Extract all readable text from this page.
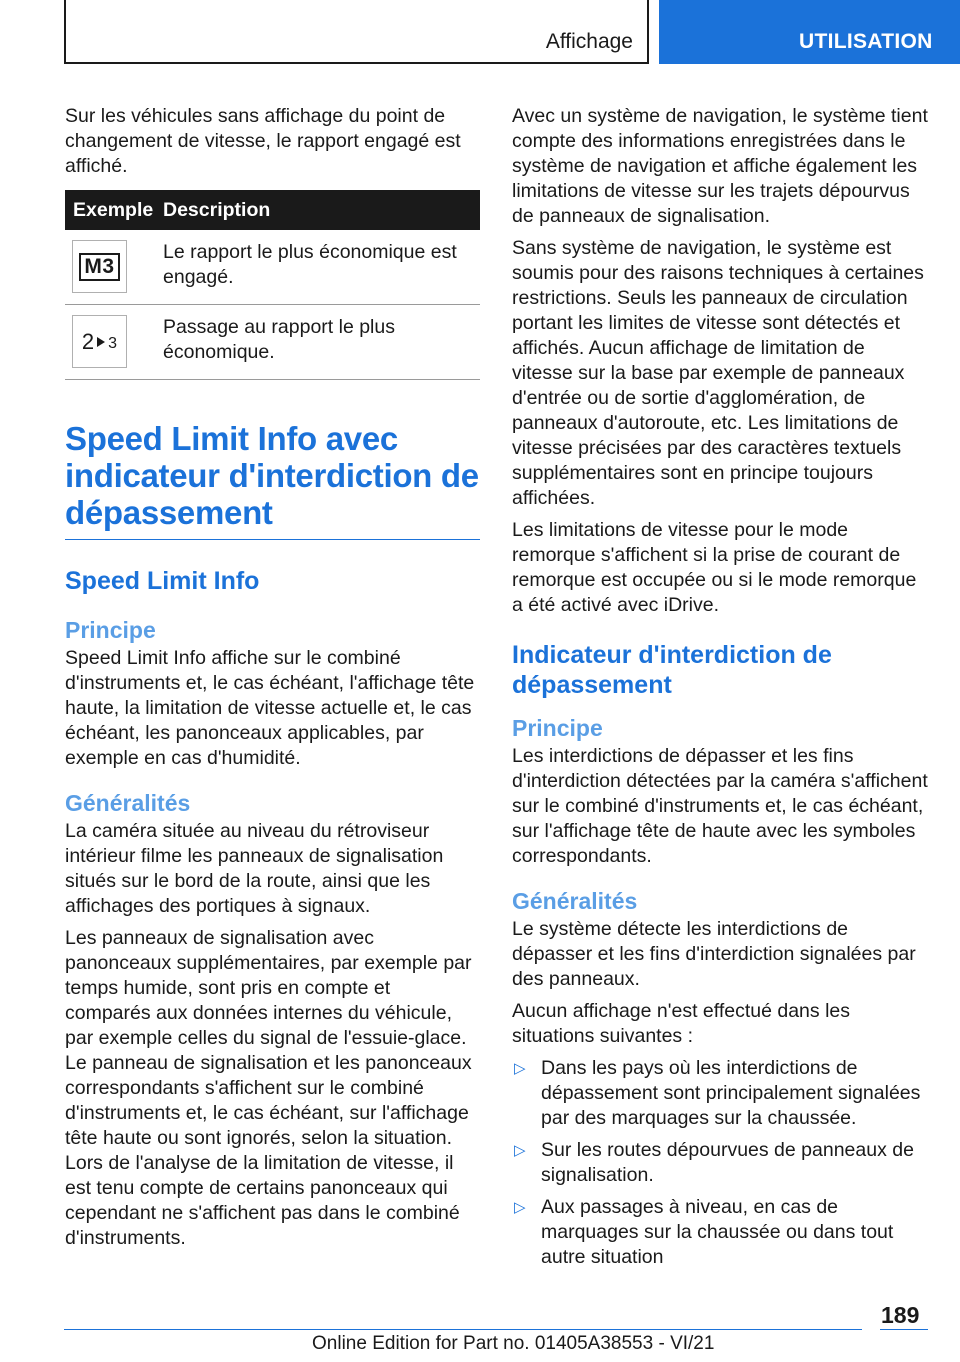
Affichage	UTILISATION

Sur les véhicules sans affichage du point de changement de vitesse, le rapport engagé est affiché.

Exemple Description
M3
Le rapport le plus économique est engagé.
2 3
Passage au rapport le plus économique.
Speed Limit Info avec indicateur d'interdiction de dépassement
Speed Limit Info
Principe

Speed Limit Info affiche sur le combiné d'instruments et, le cas échéant, l'affichage tête haute, la limitation de vitesse actuelle et, le cas échéant, les panonceaux applicables, par exemple en cas d'humidité.

Généralités

La caméra située au niveau du rétroviseur intérieur filme les panneaux de signalisation situés sur le bord de la route, ainsi que les affichages des portiques à signaux.

Les panneaux de signalisation avec panonceaux supplémentaires, par exemple par temps humide, sont pris en compte et comparés aux données internes du véhicule, par exemple celles du signal de l'essuie-glace. Le panneau de signalisation et les panonceaux correspondants s'affichent sur le combiné d'instruments et, le cas échéant, sur l'affichage tête haute ou sont ignorés, selon la situation. Lors de l'analyse de la limitation de vitesse, il est tenu compte de certains panonceaux qui cependant ne s'affichent pas dans le combiné d'instruments.

Avec un système de navigation, le système tient compte des informations enregistrées dans le système de navigation et affiche également les limitations de vitesse sur les trajets dépourvus de panneaux de signalisation.

Sans système de navigation, le système est soumis pour des raisons techniques à certaines restrictions. Seuls les panneaux de circulation portant les limites de vitesse sont détectés et affichés. Aucun affichage de limitation de vitesse sur la base par exemple de panneaux d'entrée ou de sortie d'agglomération, de panneaux d'autoroute, etc. Les limitations de vitesse précisées par des caractères textuels supplémentaires sont en principe toujours affichées.

Les limitations de vitesse pour le mode remorque s'affichent si la prise de courant de remorque est occupée ou si le mode remorque a été activé avec iDrive.

Indicateur d'interdiction de dépassement
Principe

Les interdictions de dépasser et les fins d'interdiction détectées par la caméra s'affichent sur le combiné d'instruments et, le cas échéant, sur l'affichage tête de haute avec les symboles correspondants.

Généralités

Le système détecte les interdictions de dépasser et les fins d'interdiction signalées par des panneaux.

Aucun affichage n'est effectué dans les situations suivantes :

▷ Dans les pays où les interdictions de dépassement sont principalement signalées par des marquages sur la chaussée.
▷ Sur les routes dépourvues de panneaux de signalisation.
▷ Aux passages à niveau, en cas de marquages sur la chaussée ou dans tout autre situation
189
Online Edition for Part no. 01405A38553 - VI/21
